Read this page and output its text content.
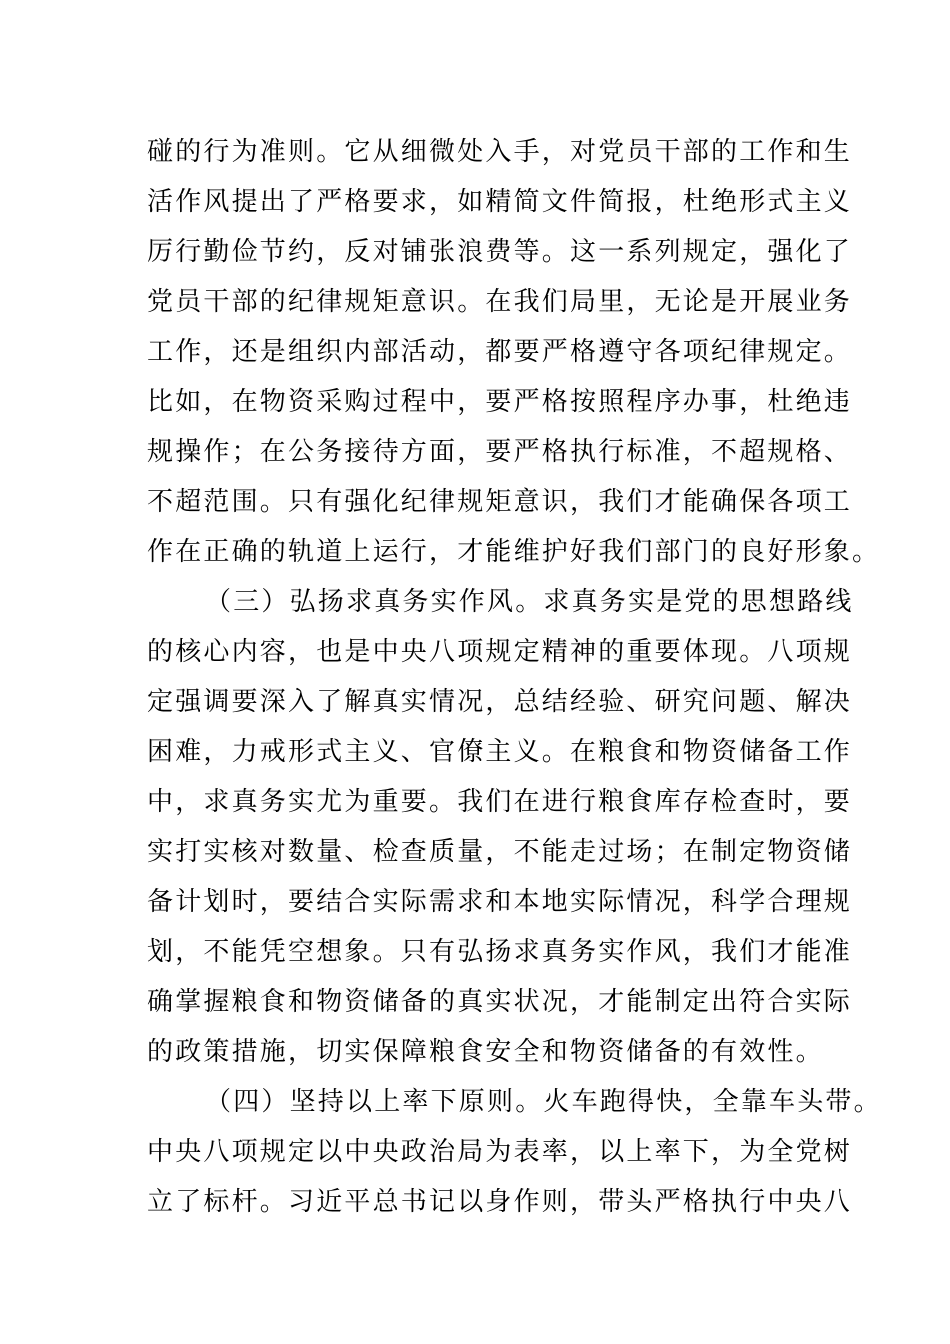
碰的行为准则。它从细微处入手，对党员干部的工作和生
活作风提出了严格要求，如精简文件简报，杜绝形式主义
厉行勤俭节约，反对铺张浪费等。这一系列规定，强化了
党员干部的纪律规矩意识。在我们局里，无论是开展业务
工作，还是组织内部活动，都要严格遵守各项纪律规定。
比如，在物资采购过程中，要严格按照程序办事，杜绝违
规操作；在公务接待方面，要严格执行标准，不超规格、
不超范围。只有强化纪律规矩意识，我们才能确保各项工
作在正确的轨道上运行，才能维护好我们部门的良好形象。
（三）弘扬求真务实作风。求真务实是党的思想路线
的核心内容，也是中央八项规定精神的重要体现。八项规
定强调要深入了解真实情况，总结经验、研究问题、解决
困难，力戒形式主义、官僚主义。在粮食和物资储备工作
中，求真务实尤为重要。我们在进行粮食库存检查时，要
实打实核对数量、检查质量，不能走过场；在制定物资储
备计划时，要结合实际需求和本地实际情况，科学合理规
划，不能凭空想象。只有弘扬求真务实作风，我们才能准
确掌握粮食和物资储备的真实状况，才能制定出符合实际
的政策措施，切实保障粮食安全和物资储备的有效性。
（四）坚持以上率下原则。火车跑得快，全靠车头带。
中央八项规定以中央政治局为表率，以上率下，为全党树
立了标杆。习近平总书记以身作则，带头严格执行中央八
